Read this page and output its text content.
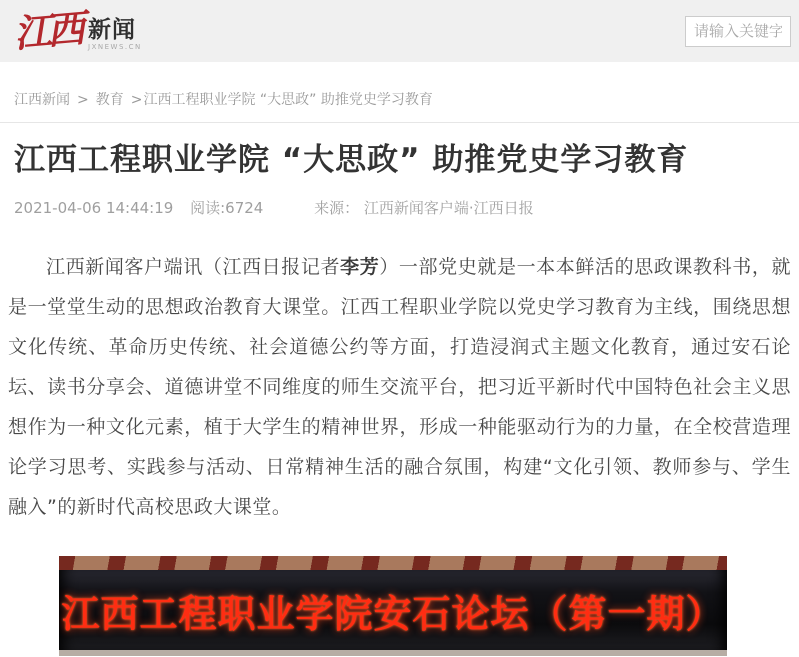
江西 新闻
JXNEWS.CN
请输入关键字
江西新闻 > 教育 >江西工程职业学院 “大思政” 助推党史学习教育
江西工程职业学院 “大思政” 助推党史学习教育
2021-04-06 14:44:19 阅读:6724	来源： 江西新闻客户端·江西日报

江西新闻客户端讯（江西日报记者李芳）一部党史就是一本本鲜活的思政课教科书，就是一堂堂生动的思想政治教育大课堂。江西工程职业学院以党史学习教育为主线，围绕思想文化传统、革命历史传统、社会道德公约等方面，打造浸润式主题文化教育，通过安石论坛、读书分享会、道德讲堂不同维度的师生交流平台，把习近平新时代中国特色社会主义思想作为一种文化元素，植于大学生的精神世界，形成一种能驱动行为的力量，在全校营造理论学习思考、实践参与活动、日常精神生活的融合氛围，构建“文化引领、教师参与、学生融入”的新时代高校思政大课堂。

江西工程职业学院安石论坛（第一期）
